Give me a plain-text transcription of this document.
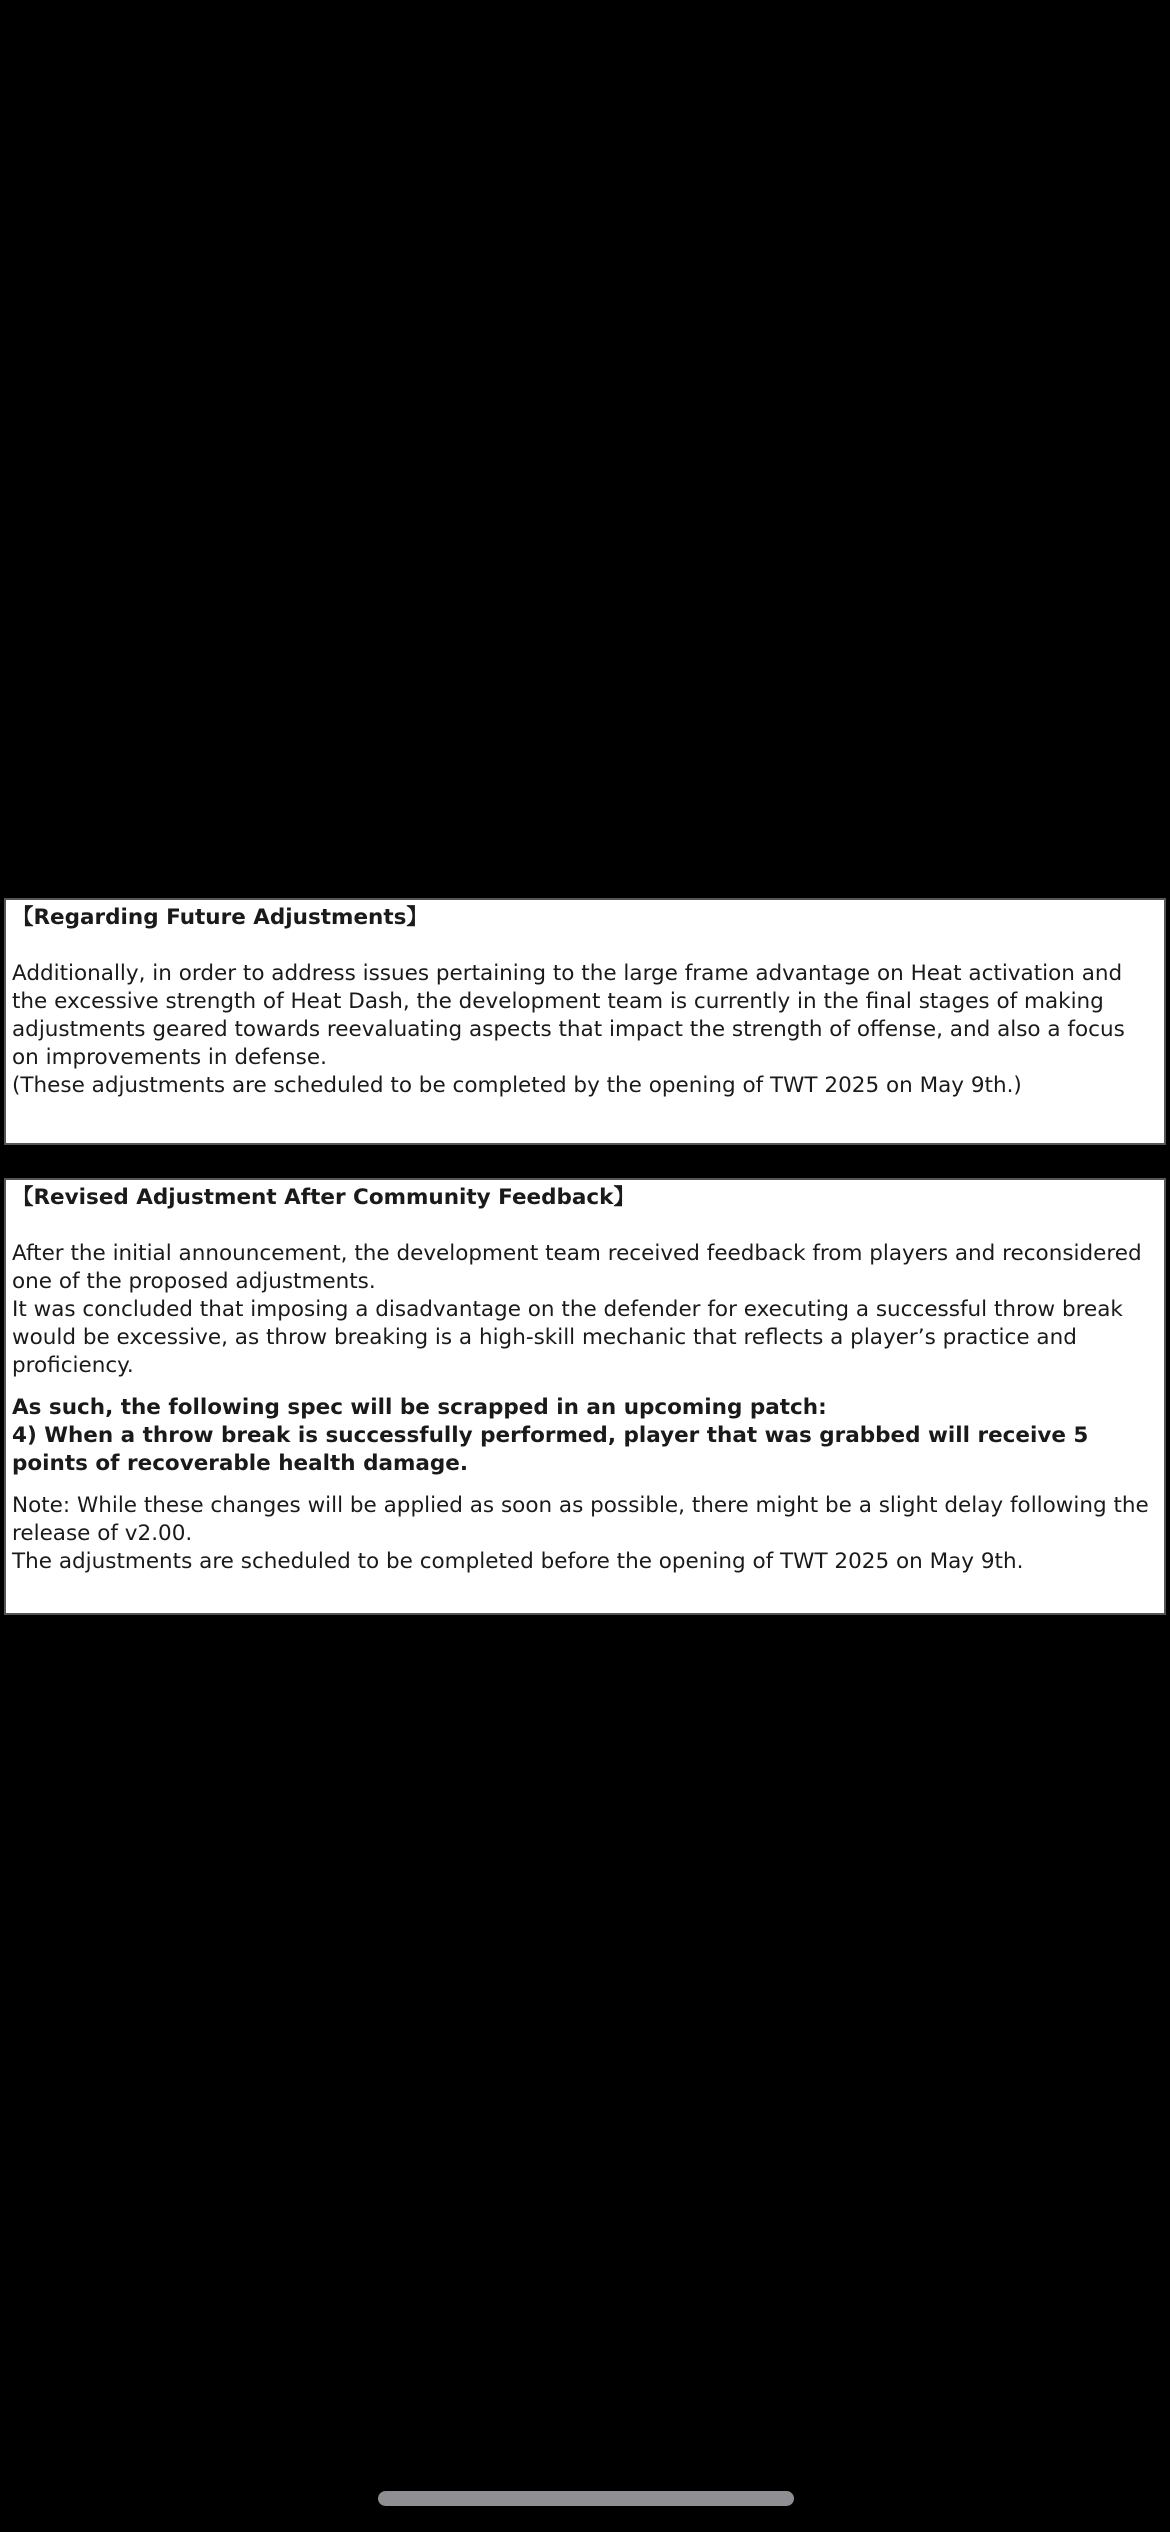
【Regarding Future Adjustments】

Additionally, in order to address issues pertaining to the large frame advantage on Heat activation and the excessive strength of Heat Dash, the development team is currently in the final stages of making adjustments geared towards reevaluating aspects that impact the strength of offense, and also a focus on improvements in defense.

(These adjustments are scheduled to be completed by the opening of TWT 2025 on May 9th.)

【Revised Adjustment After Community Feedback】

After the initial announcement, the development team received feedback from players and reconsidered one of the proposed adjustments.

It was concluded that imposing a disadvantage on the defender for executing a successful throw break would be excessive, as throw breaking is a high-skill mechanic that reflects a player’s practice and proficiency.

As such, the following spec will be scrapped in an upcoming patch:

4) When a throw break is successfully performed, player that was grabbed will receive 5 points of recoverable health damage.

Note: While these changes will be applied as soon as possible, there might be a slight delay following the release of v2.00.

The adjustments are scheduled to be completed before the opening of TWT 2025 on May 9th.
